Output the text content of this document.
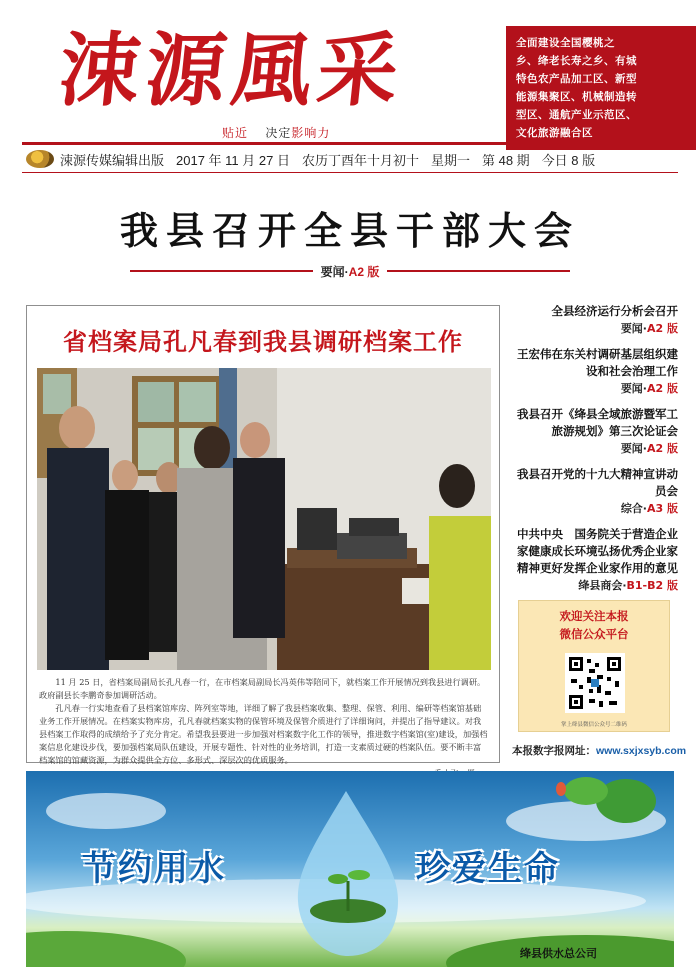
涑源風采
贴近 决定影响力
全面建设全国樱桃之
乡、绛老长寿之乡、有城
特色农产品加工区、新型
能源集聚区、机械制造转
型区、通航产业示范区、
文化旅游融合区
涑源传媒编辑出版 2017 年 11 月 27 日 农历丁酉年十月初十 星期一 第 48 期 今日 8 版
我县召开全县干部大会
要闻·A2 版
省档案局孔凡春到我县调研档案工作

11 月 25 日，省档案局副局长孔凡春一行，在市档案局副局长冯英伟等陪同下，就档案工作开展情况到我县进行调研。政府副县长李鹏奇参加调研活动。

孔凡春一行实地查看了县档案馆库房、阵列室等地，详细了解了我县档案收集、整理、保管、利用、编研等档案馆基础业务工作开展情况。在档案实物库房，孔凡春就档案实物的保管环境及保管介质进行了详细询问，并提出了指导建议。对我县档案工作取得的成绩给予了充分肯定。希望我县要进一步加强对档案数字化工作的领导，推进数字档案馆(室)建设，加强档案信息化建设步伐，要加强档案局队伍建设，开展专题性、针对性的业务培训，打造一支素质过硬的档案队伍。要不断丰富档案馆的馆藏资源，为群众提供全方位、多形式、深层次的优质服务。

全县经济运行分析会召开
要闻·A2 版
王宏伟在东关村调研基层组织建设和社会治理工作
要闻·A2 版
我县召开《绛县全域旅游暨军工旅游规划》第三次论证会
要闻·A2 版
我县召开党的十九大精神宣讲动员会
综合·A3 版
中共中央　国务院关于营造企业家健康成长环境弘扬优秀企业家精神更好发挥企业家作用的意见
绛县商会·B1-B2 版
欢迎关注本报
微信公众平台
掌上绛县微信公众号二维码
本报数字报网址：www.sxjxsyb.com
节约用水	珍爱生命
绛县供水总公司
